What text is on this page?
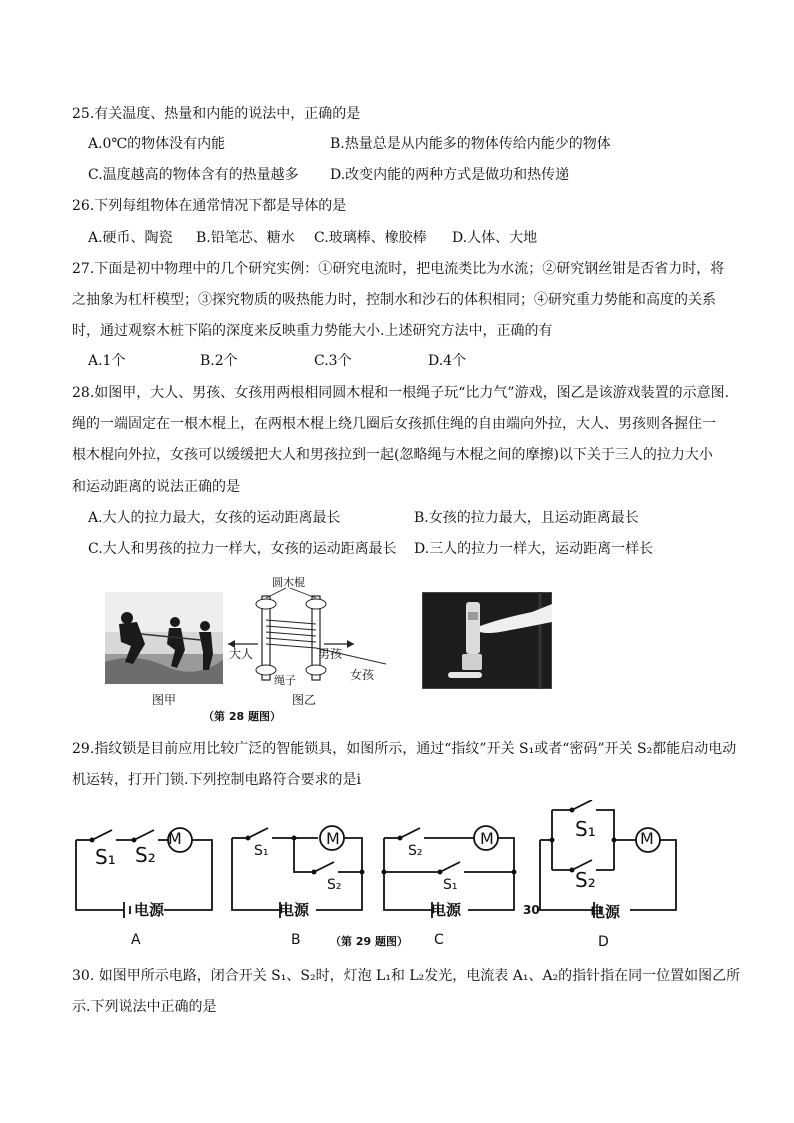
25.有关温度、热量和内能的说法中，正确的是
A.0℃的物体没有内能	B.热量总是从内能多的物体传给内能少的物体
C.温度越高的物体含有的热量越多 D.改变内能的两种方式是做功和热传递
26.下列每组物体在通常情况下都是导体的是
A.硬币、陶瓷 B.铅笔芯、糖水 C.玻璃棒、橡胶棒 D.人体、大地
27.下面是初中物理中的几个研究实例：①研究电流时，把电流类比为水流；②研究钢丝钳是否省力时，将
之抽象为杠杆模型；③探究物质的吸热能力时，控制水和沙石的体积相同；④研究重力势能和高度的关系
时，通过观察木桩下陷的深度来反映重力势能大小.上述研究方法中，正确的有
A.1个	B.2个	C.3个	D.4个
28.如图甲，大人、男孩、女孩用两根相同圆木棍和一根绳子玩“比力气”游戏，图乙是该游戏装置的示意图.
绳的一端固定在一根木棍上，在两根木棍上绕几圈后女孩抓住绳的自由端向外拉，大人、男孩则各握住一
根木棍向外拉，女孩可以缓缓把大人和男孩拉到一起(忽略绳与木棍之间的摩擦)以下关于三人的拉力大小
和运动距离的说法正确的是
A.大人的拉力最大，女孩的运动距离最长	B.女孩的拉力最大，且运动距离最长
C.大人和男孩的拉力一样大，女孩的运动距离最长 D.三人的拉力一样大，运动距离一样长
图甲
圆木棍
大人	男孩
女孩
绳子
图乙
（第 28 题图）
29.指纹锁是目前应用比较广泛的智能锁具，如图所示，通过“指纹”开关 S₁或者“密码”开关 S₂都能启动电动
机运转，打开门锁.下列控制电路符合要求的是i
M
S₁ S₂
电源
A
M
S₁
S₂
电源
B
M
S₂
S₁
电源
C
（第 29 题图）
M
S₁
S₂
电源
30
D
30. 如图甲所示电路，闭合开关 S₁、S₂时，灯泡 L₁和 L₂发光，电流表 A₁、A₂的指针指在同一位置如图乙所
示.下列说法中正确的是
